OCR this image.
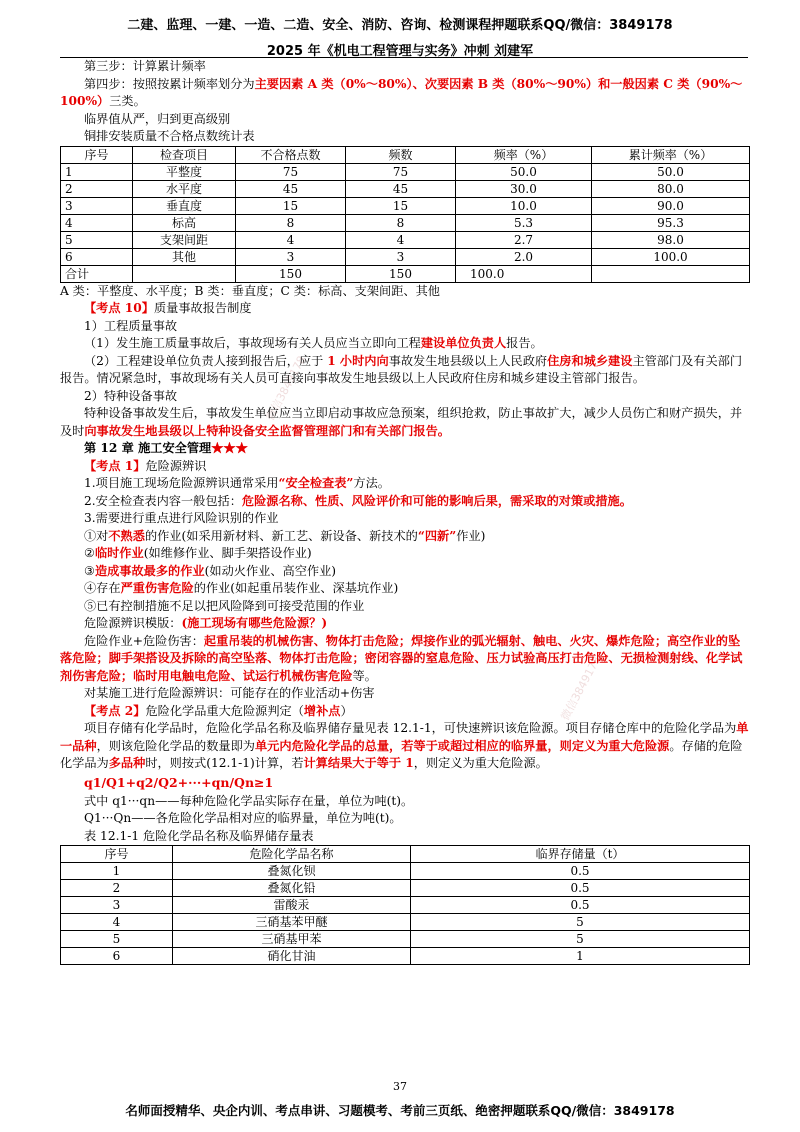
二建、监理、一建、一造、二造、安全、消防、咨询、检测课程押题联系QQ/微信：3849178
2025 年《机电工程管理与实务》冲刺 刘建军
微信3849178
微信3849178

第三步：计算累计频率

第四步：按照按累计频率划分为主要因素 A 类（0%～80%）、次要因素 B 类（80%～90%）和一般因素 C 类（90%～100%）三类。

临界值从严，归到更高级别

铜排安装质量不合格点数统计表

序号	检查项目	不合格点数	频数	频率（%）	累计频率（%）
1	平整度	75	75	50.0	50.0
2	水平度	45	45	30.0	80.0
3	垂直度	15	15	10.0	90.0
4	标高	8	8	5.3	95.3
5	支架间距	4	4	2.7	98.0
6	其他	3	3	2.0	100.0
合计		150	150	100.0	

A 类：平整度、水平度；B 类：垂直度；C 类：标高、支架间距、其他

【考点 10】质量事故报告制度

1）工程质量事故

（1）发生施工质量事故后，事故现场有关人员应当立即向工程建设单位负责人报告。

（2）工程建设单位负责人接到报告后，应于 1 小时内向事故发生地县级以上人民政府住房和城乡建设主管部门及有关部门报告。情况紧急时，事故现场有关人员可直接向事故发生地县级以上人民政府住房和城乡建设主管部门报告。

2）特种设备事故

特种设备事故发生后，事故发生单位应当立即启动事故应急预案，组织抢救，防止事故扩大，减少人员伤亡和财产损失，并及时向事故发生地县级以上特种设备安全监督管理部门和有关部门报告。

第 12 章 施工安全管理★★★

【考点 1】危险源辨识

1.项目施工现场危险源辨识通常采用“安全检查表”方法。

2.安全检查表内容一般包括：危险源名称、性质、风险评价和可能的影响后果，需采取的对策或措施。

3.需要进行重点进行风险识别的作业

①对不熟悉的作业(如采用新材料、新工艺、新设备、新技术的“四新”作业)

②临时作业(如维修作业、脚手架搭设作业)

③造成事故最多的作业(如动火作业、高空作业)

④存在严重伤害危险的作业(如起重吊装作业、深基坑作业)

⑤已有控制措施不足以把风险降到可接受范围的作业

危险源辨识模版：(施工现场有哪些危险源？)

危险作业+危险伤害：起重吊装的机械伤害、物体打击危险；焊接作业的弧光辐射、触电、火灾、爆炸危险；高空作业的坠落危险；脚手架搭设及拆除的高空坠落、物体打击危险；密闭容器的窒息危险、压力试验高压打击危险、无损检测射线、化学试剂伤害危险；临时用电触电危险、试运行机械伤害危险等。

对某施工进行危险源辨识：可能存在的作业活动+伤害

【考点 2】危险化学品重大危险源判定（增补点）

项目存储有化学品时，危险化学品名称及临界储存量见表 12.1-1，可快速辨识该危险源。项目存储仓库中的危险化学品为单一品种，则该危险化学品的数量即为单元内危险化学品的总量，若等于或超过相应的临界量，则定义为重大危险源。存储的危险化学品为多品种时，则按式(12.1-1)计算，若计算结果大于等于 1，则定义为重大危险源。

q1/Q1+q2/Q2+···+qn/Qn≥1

式中 q1···qn——每种危险化学品实际存在量，单位为吨(t)。

Q1···Qn——各危险化学品相对应的临界量，单位为吨(t)。

表 12.1-1 危险化学品名称及临界储存量表

序号	危险化学品名称	临界存储量（t）
1	叠氮化钡	0.5
2	叠氮化铅	0.5
3	雷酸汞	0.5
4	三硝基苯甲醚	5
5	三硝基甲苯	5
6	硝化甘油	1
37
名师面授精华、央企内训、考点串讲、习题模考、考前三页纸、绝密押题联系QQ/微信：3849178
